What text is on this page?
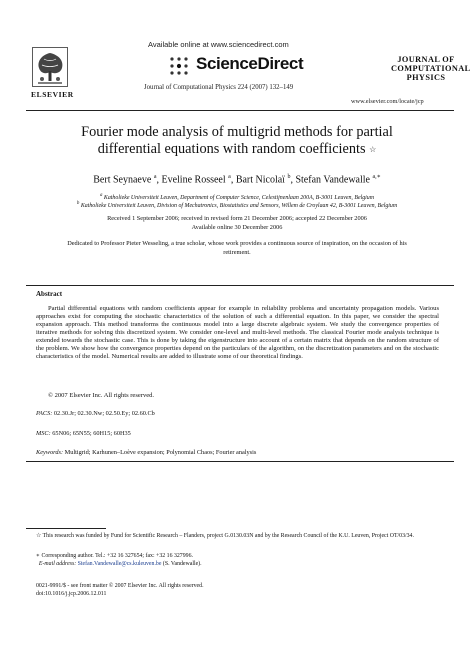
ELSEVIER
Available online at www.sciencedirect.com
ScienceDirect
Journal of Computational Physics 224 (2007) 132–149
JOURNAL OF
COMPUTATIONAL
PHYSICS
www.elsevier.com/locate/jcp
Fourier mode analysis of multigrid methods for partial
differential equations with random coefficients ☆
Bert Seynaeve $^a$, Eveline Rosseel $^a$, Bart Nicolaï $^b$, Stefan Vandewalle $^{a,∗}$
$^a$ Katholieke Universiteit Leuven, Department of Computer Science, Celestijnenlaan 200A, B-3001 Leuven, Belgium
$^b$ Katholieke Universiteit Leuven, Division of Mechatronics, Biostatistics and Sensors, Willem de Croylaan 42, B-3001 Leuven, Belgium
Received 1 September 2006; received in revised form 21 December 2006; accepted 22 December 2006
Available online 30 December 2006
Dedicated to Professor Pieter Wesseling, a true scholar, whose work provides a continuous source of inspiration, on the occasion of his retirement.
Abstract

Partial differential equations with random coefficients appear for example in reliability problems and uncertainty propagation models. Various approaches exist for computing the stochastic characteristics of the solution of such a differential equation. In this paper, we consider the spectral expansion approach. This method transforms the continuous model into a large discrete algebraic system. We study the convergence properties of iterative methods for solving this discretized system. We consider one-level and multi-level methods. The classical Fourier mode analysis technique is extended towards the stochastic case. This is done by taking the eigenstructure into account of a certain matrix that depends on the random structure of the problem. We show how the convergence properties depend on the particulars of the algorithm, on the discretization parameters and on the stochastic characteristics of the model. Numerical results are added to illustrate some of our theoretical findings.

© 2007 Elsevier Inc. All rights reserved.
PACS: 02.30.Jr; 02.30.Nw; 02.50.Ey; 02.60.Cb
MSC: 65N06; 65N55; 60H15; 60H35
Keywords: Multigrid; Karhunen–Loève expansion; Polynomial Chaos; Fourier analysis
☆ This research was funded by Fund for Scientific Research – Flanders, project G.0130.03N and by the Research Council of the K.U. Leuven, Project OT/03/34.
∗ Corresponding author. Tel.: +32 16 327654; fax: +32 16 327996.
E-mail address: Stefan.Vandewalle@cs.kuleuven.be (S. Vandewalle).
0021-9991/$ - see front matter © 2007 Elsevier Inc. All rights reserved.
doi:10.1016/j.jcp.2006.12.011
